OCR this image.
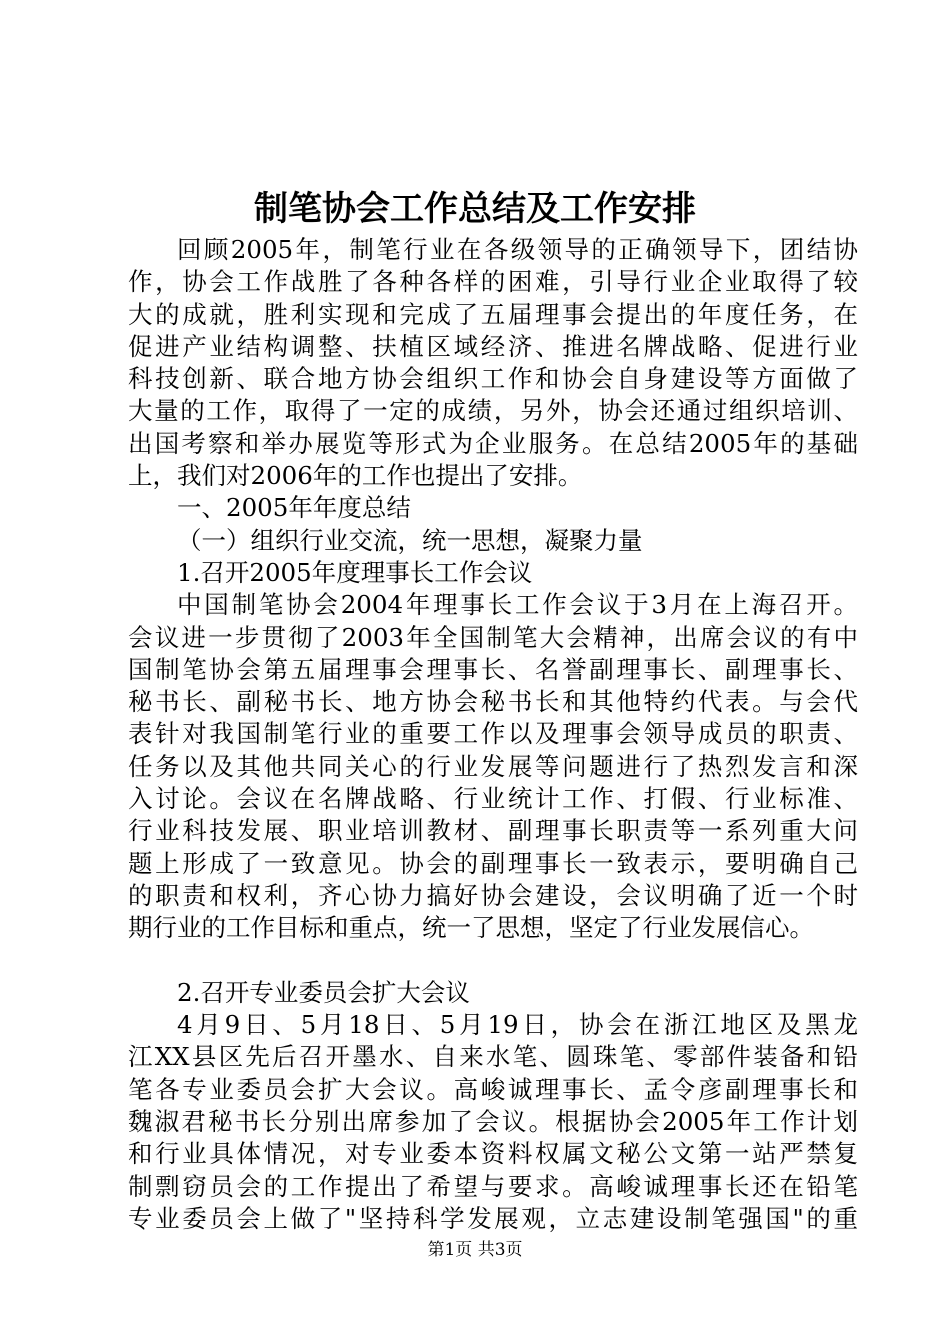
制笔协会工作总结及工作安排
回顾2005年，制笔行业在各级领导的正确领导下，团结协
作，协会工作战胜了各种各样的困难，引导行业企业取得了较
大的成就，胜利实现和完成了五届理事会提出的年度任务，在
促进产业结构调整、扶植区域经济、推进名牌战略、促进行业
科技创新、联合地方协会组织工作和协会自身建设等方面做了
大量的工作，取得了一定的成绩，另外，协会还通过组织培训、
出国考察和举办展览等形式为企业服务。在总结2005年的基础
上，我们对2006年的工作也提出了安排。
一、2005年年度总结
（一）组织行业交流，统一思想，凝聚力量
1.召开2005年度理事长工作会议
中国制笔协会2004年理事长工作会议于3月在上海召开。
会议进一步贯彻了2003年全国制笔大会精神，出席会议的有中
国制笔协会第五届理事会理事长、名誉副理事长、副理事长、
秘书长、副秘书长、地方协会秘书长和其他特约代表。与会代
表针对我国制笔行业的重要工作以及理事会领导成员的职责、
任务以及其他共同关心的行业发展等问题进行了热烈发言和深
入讨论。会议在名牌战略、行业统计工作、打假、行业标准、
行业科技发展、职业培训教材、副理事长职责等一系列重大问
题上形成了一致意见。协会的副理事长一致表示，要明确自己
的职责和权利，齐心协力搞好协会建设，会议明确了近一个时
期行业的工作目标和重点，统一了思想，坚定了行业发展信心。
2.召开专业委员会扩大会议
4月9日、5月18日、5月19日，协会在浙江地区及黑龙
江XX县区先后召开墨水、自来水笔、圆珠笔、零部件装备和铅
笔各专业委员会扩大会议。高峻诚理事长、孟令彦副理事长和
魏淑君秘书长分别出席参加了会议。根据协会2005年工作计划
和行业具体情况，对专业委本资料权属文秘公文第一站严禁复
制剽窃员会的工作提出了希望与要求。高峻诚理事长还在铅笔
专业委员会上做了"坚持科学发展观，立志建设制笔强国"的重
第1页 共3页
